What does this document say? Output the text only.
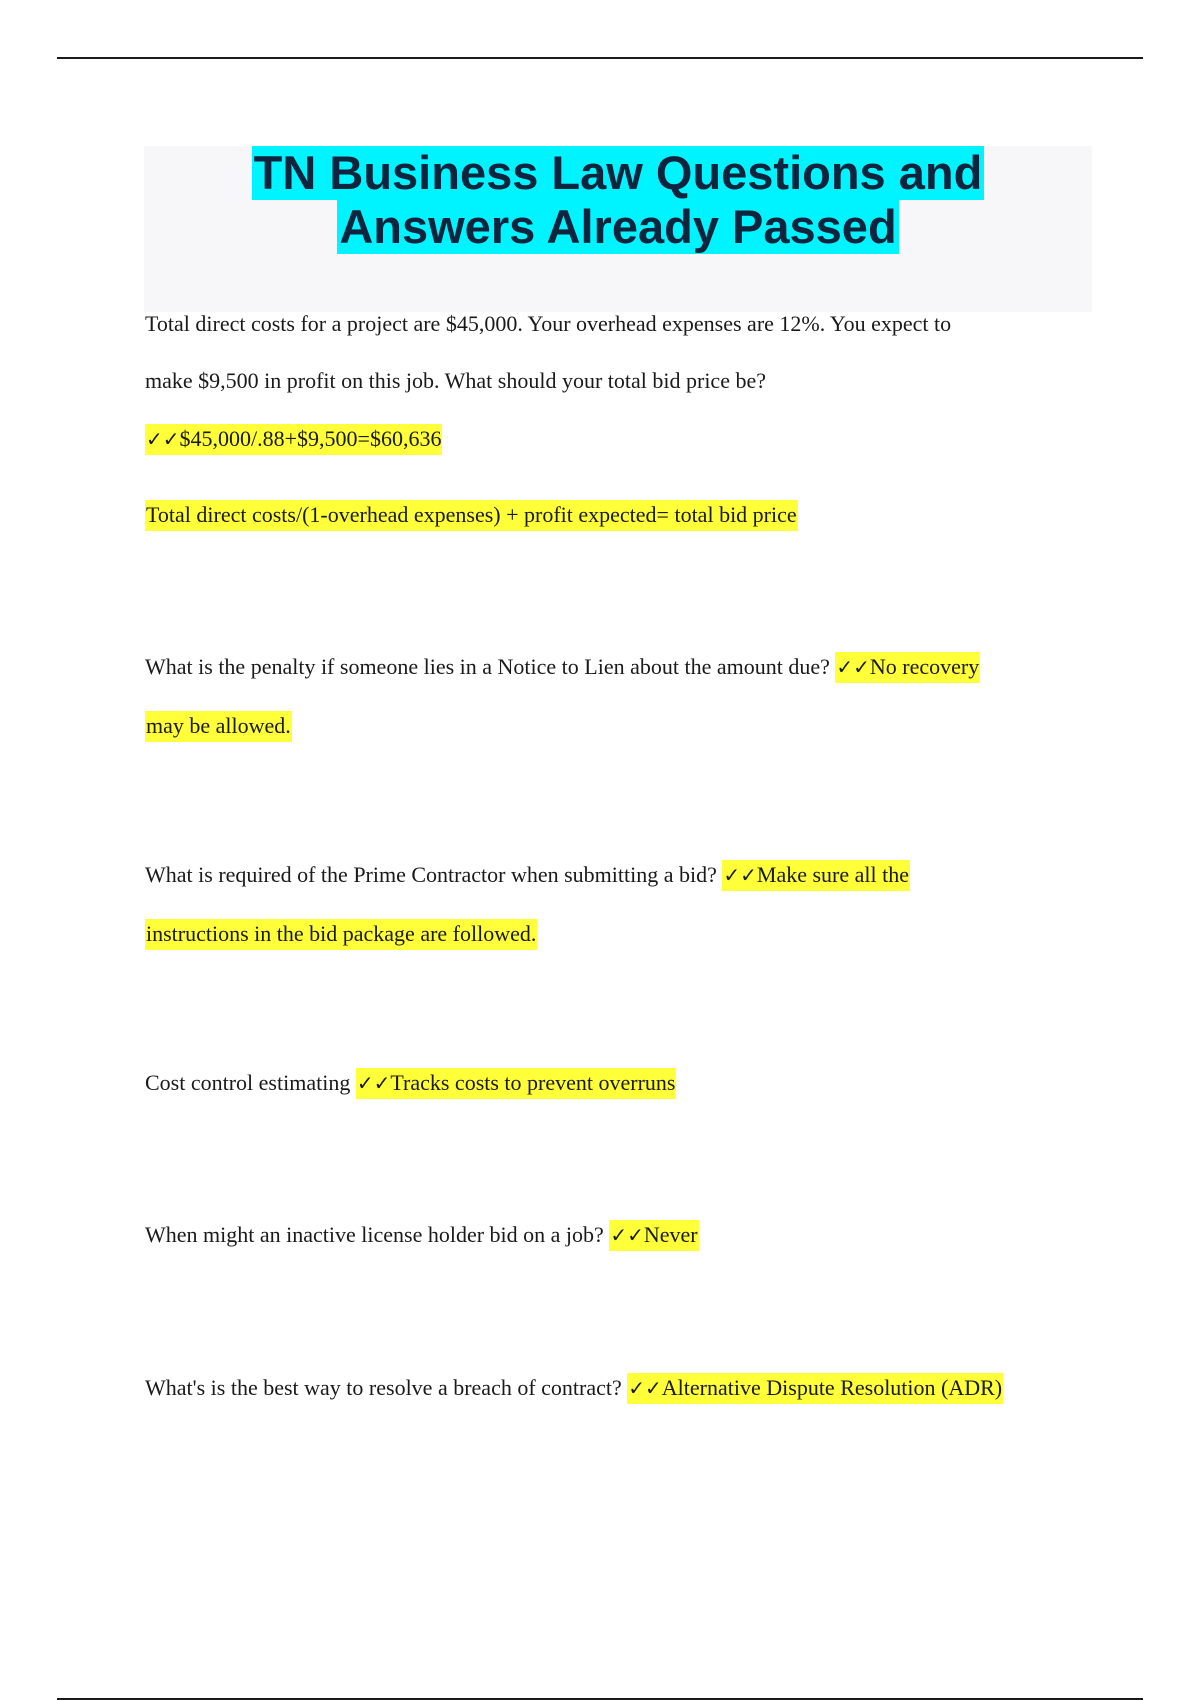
TN Business Law Questions and
Answers Already Passed
Total direct costs for a project are $45,000. Your overhead expenses are 12%. You expect to
make $9,500 in profit on this job. What should your total bid price be?
✓✓$45,000/.88+$9,500=$60,636
Total direct costs/(1-overhead expenses) + profit expected= total bid price
What is the penalty if someone lies in a Notice to Lien about the amount due? ✓✓No recovery
may be allowed.
What is required of the Prime Contractor when submitting a bid? ✓✓Make sure all the
instructions in the bid package are followed.
Cost control estimating ✓✓Tracks costs to prevent overruns
When might an inactive license holder bid on a job? ✓✓Never
What's is the best way to resolve a breach of contract? ✓✓Alternative Dispute Resolution (ADR)
